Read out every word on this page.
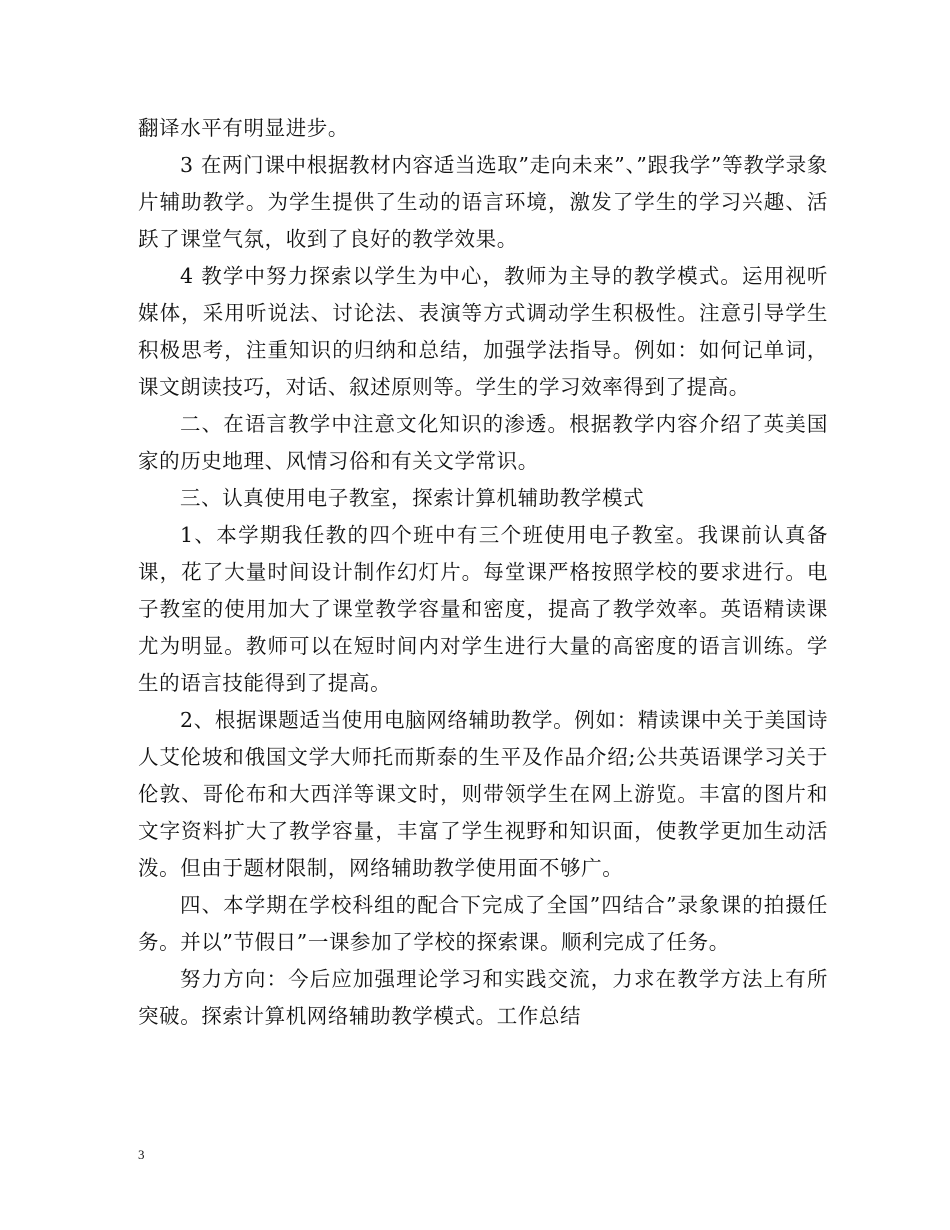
翻译水平有明显进步。

3 在两门课中根据教材内容适当选取”走向未来”、”跟我学”等教学录象片辅助教学。为学生提供了生动的语言环境，激发了学生的学习兴趣、活跃了课堂气氛，收到了良好的教学效果。

4 教学中努力探索以学生为中心，教师为主导的教学模式。运用视听媒体，采用听说法、讨论法、表演等方式调动学生积极性。注意引导学生积极思考，注重知识的归纳和总结，加强学法指导。例如：如何记单词，课文朗读技巧，对话、叙述原则等。学生的学习效率得到了提高。

二、在语言教学中注意文化知识的渗透。根据教学内容介绍了英美国家的历史地理、风情习俗和有关文学常识。

三、认真使用电子教室，探索计算机辅助教学模式

1、本学期我任教的四个班中有三个班使用电子教室。我课前认真备课，花了大量时间设计制作幻灯片。每堂课严格按照学校的要求进行。电子教室的使用加大了课堂教学容量和密度，提高了教学效率。英语精读课尤为明显。教师可以在短时间内对学生进行大量的高密度的语言训练。学生的语言技能得到了提高。

2、根据课题适当使用电脑网络辅助教学。例如：精读课中关于美国诗人艾伦坡和俄国文学大师托而斯泰的生平及作品介绍;公共英语课学习关于伦敦、哥伦布和大西洋等课文时，则带领学生在网上游览。丰富的图片和文字资料扩大了教学容量，丰富了学生视野和知识面，使教学更加生动活泼。但由于题材限制，网络辅助教学使用面不够广。

四、本学期在学校科组的配合下完成了全国”四结合”录象课的拍摄任务。并以”节假日”一课参加了学校的探索课。顺利完成了任务。

努力方向：今后应加强理论学习和实践交流，力求在教学方法上有所突破。探索计算机网络辅助教学模式。工作总结

3
